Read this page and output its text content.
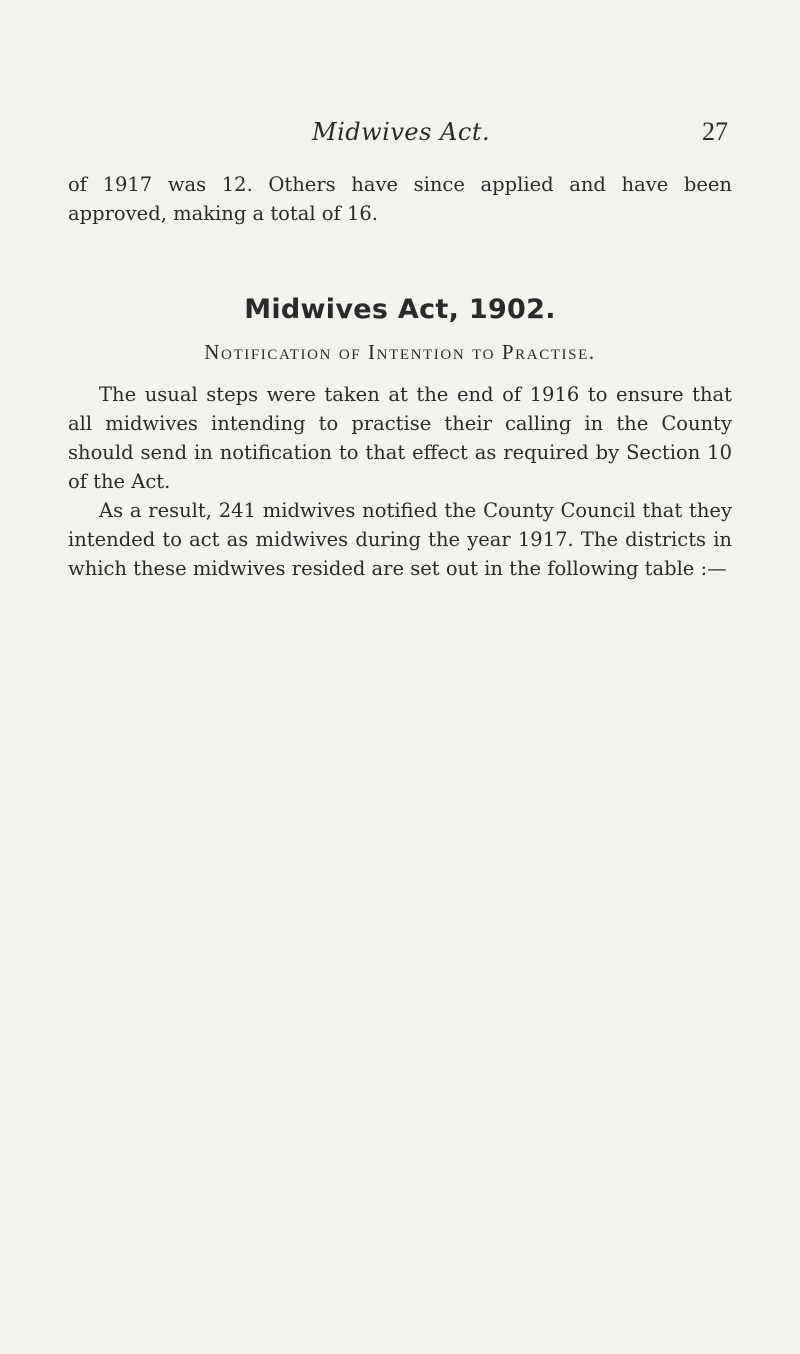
Midwives Act.	27

of 1917 was 12. Others have since applied and have been approved, making a total of 16.

Midwives Act, 1902.
Notification of Intention to Practise.

The usual steps were taken at the end of 1916 to ensure that all midwives intending to practise their calling in the County should send in notification to that effect as required by Section 10 of the Act.

As a result, 241 midwives notified the County Council that they intended to act as midwives during the year 1917. The districts in which these midwives resided are set out in the following table :—
